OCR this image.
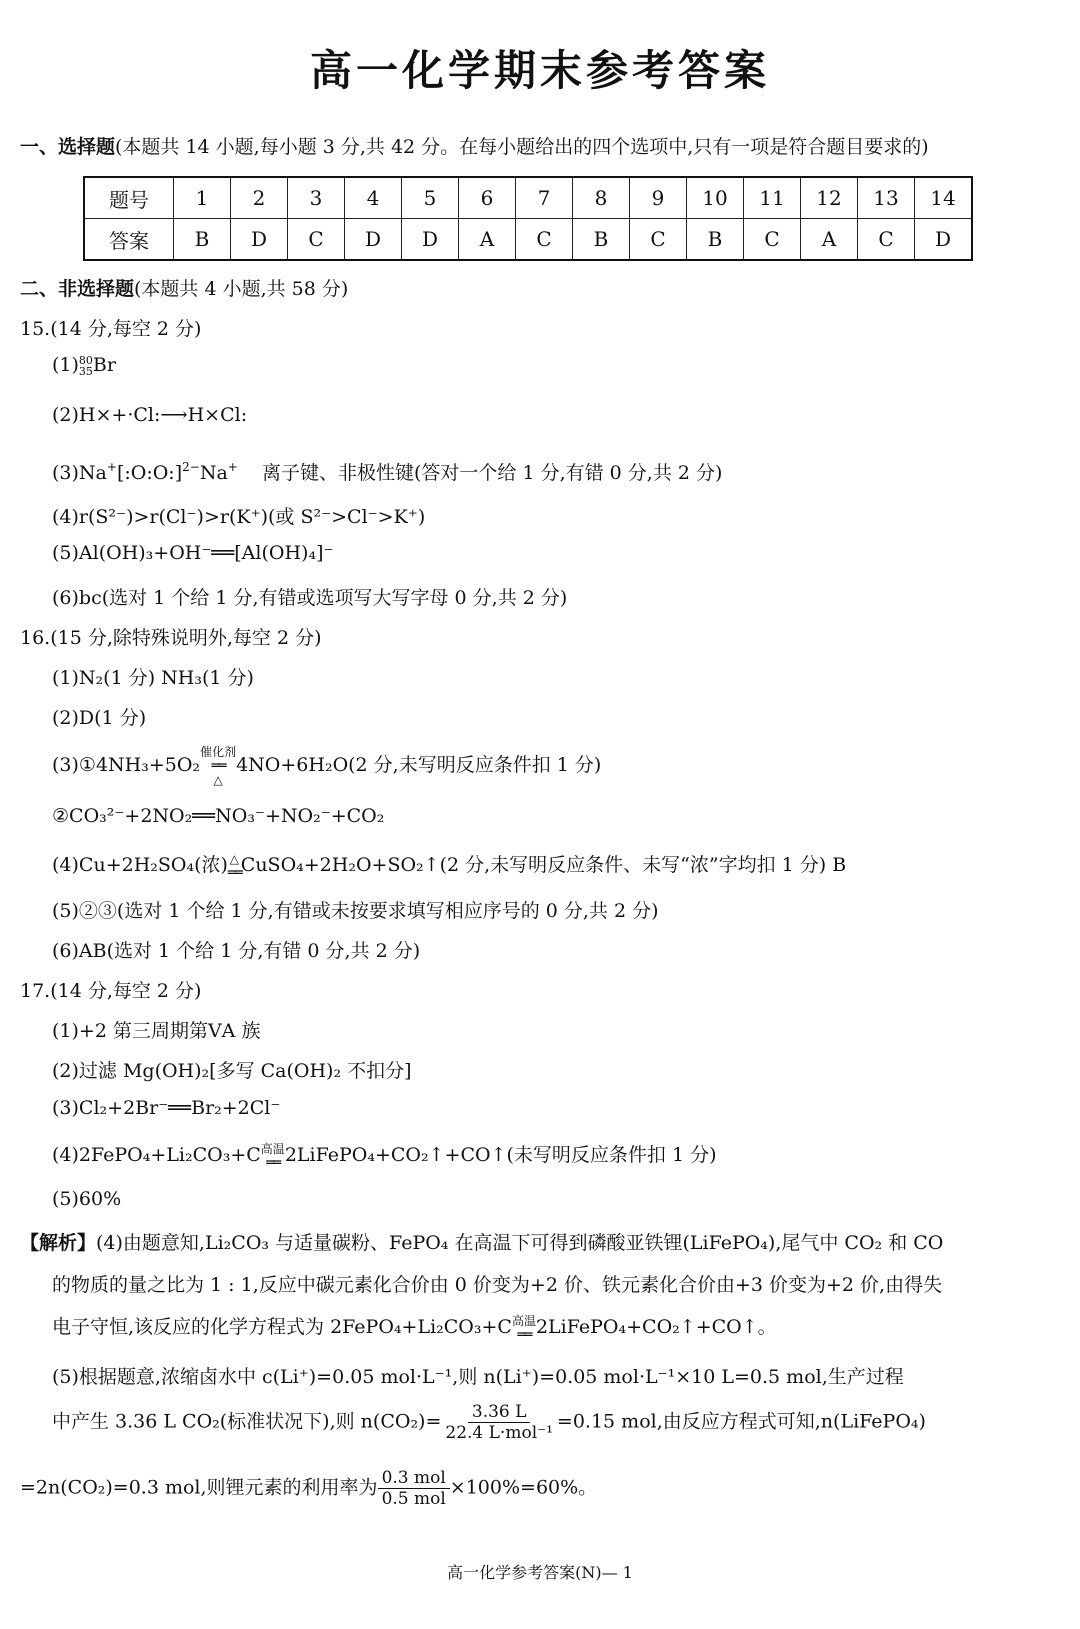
高一化学期末参考答案
一、选择题(本题共 14 小题,每小题 3 分,共 42 分。在每小题给出的四个选项中,只有一项是符合题目要求的)
题号	1	2	3	4	5	6	7	8	9	10	11	12	13	14
答案	B	D	C	D	D	A	C	B	C	B	C	A	C	D
二、非选择题(本题共 4 小题,共 58 分)
15.(14 分,每空 2 分)
(1) 80
35 Br
(2)H×+·Cl:⟶H×Cl:
(3)Na+[:O:O:]$^{2-}$Na+ 离子键、非极性键(答对一个给 1 分,有错 0 分,共 2 分)
(4)r(S²⁻)>r(Cl⁻)>r(K⁺)(或 S²⁻>Cl⁻>K⁺)
(5)Al(OH)₃+OH⁻══[Al(OH)₄]⁻
(6)bc(选对 1 个给 1 分,有错或选项写大写字母 0 分,共 2 分)
16.(15 分,除特殊说明外,每空 2 分)
(1)N₂(1 分) NH₃(1 分)
(2)D(1 分)
(3)①4NH₃+5O₂
催化剂
══
△
4NO+6H₂O(2 分,未写明反应条件扣 1 分)
②CO₃²⁻+2NO₂══NO₃⁻+NO₂⁻+CO₂
(4)Cu+2H₂SO₄(浓) △
══ CuSO₄+2H₂O+SO₂↑(2 分,未写明反应条件、未写“浓”字均扣 1 分) B
(5)②③(选对 1 个给 1 分,有错或未按要求填写相应序号的 0 分,共 2 分)
(6)AB(选对 1 个给 1 分,有错 0 分,共 2 分)
17.(14 分,每空 2 分)
(1)+2 第三周期第ⅤA 族
(2)过滤 Mg(OH)₂[多写 Ca(OH)₂ 不扣分]
(3)Cl₂+2Br⁻══Br₂+2Cl⁻
(4)2FePO₄+Li₂CO₃+C 高温
══ 2LiFePO₄+CO₂↑+CO↑(未写明反应条件扣 1 分)
(5)60%
【解析】(4)由题意知,Li₂CO₃ 与适量碳粉、FePO₄ 在高温下可得到磷酸亚铁锂(LiFePO₄),尾气中 CO₂ 和 CO
的物质的量之比为 1 : 1,反应中碳元素化合价由 0 价变为+2 价、铁元素化合价由+3 价变为+2 价,由得失
电子守恒,该反应的化学方程式为 2FePO₄+Li₂CO₃+C 高温
══ 2LiFePO₄+CO₂↑+CO↑。
(5)根据题意,浓缩卤水中 c(Li⁺)=0.05 mol·L⁻¹,则 n(Li⁺)=0.05 mol·L⁻¹×10 L=0.5 mol,生产过程
中产生 3.36 L CO₂(标准状况下),则 $n(CO_2)= \frac{3.36 L}{\text{22.4 L·mol⁻¹}} =0.15$ mol,由反应方程式可知,n(LiFePO₄)
=2n(CO₂)=0.3 mol,则锂元素的利用率为 $\frac{\text{0.3 mol}}{\text{0.5 mol}} \times 100\%=60\%$。
高一化学参考答案(N)— 1
